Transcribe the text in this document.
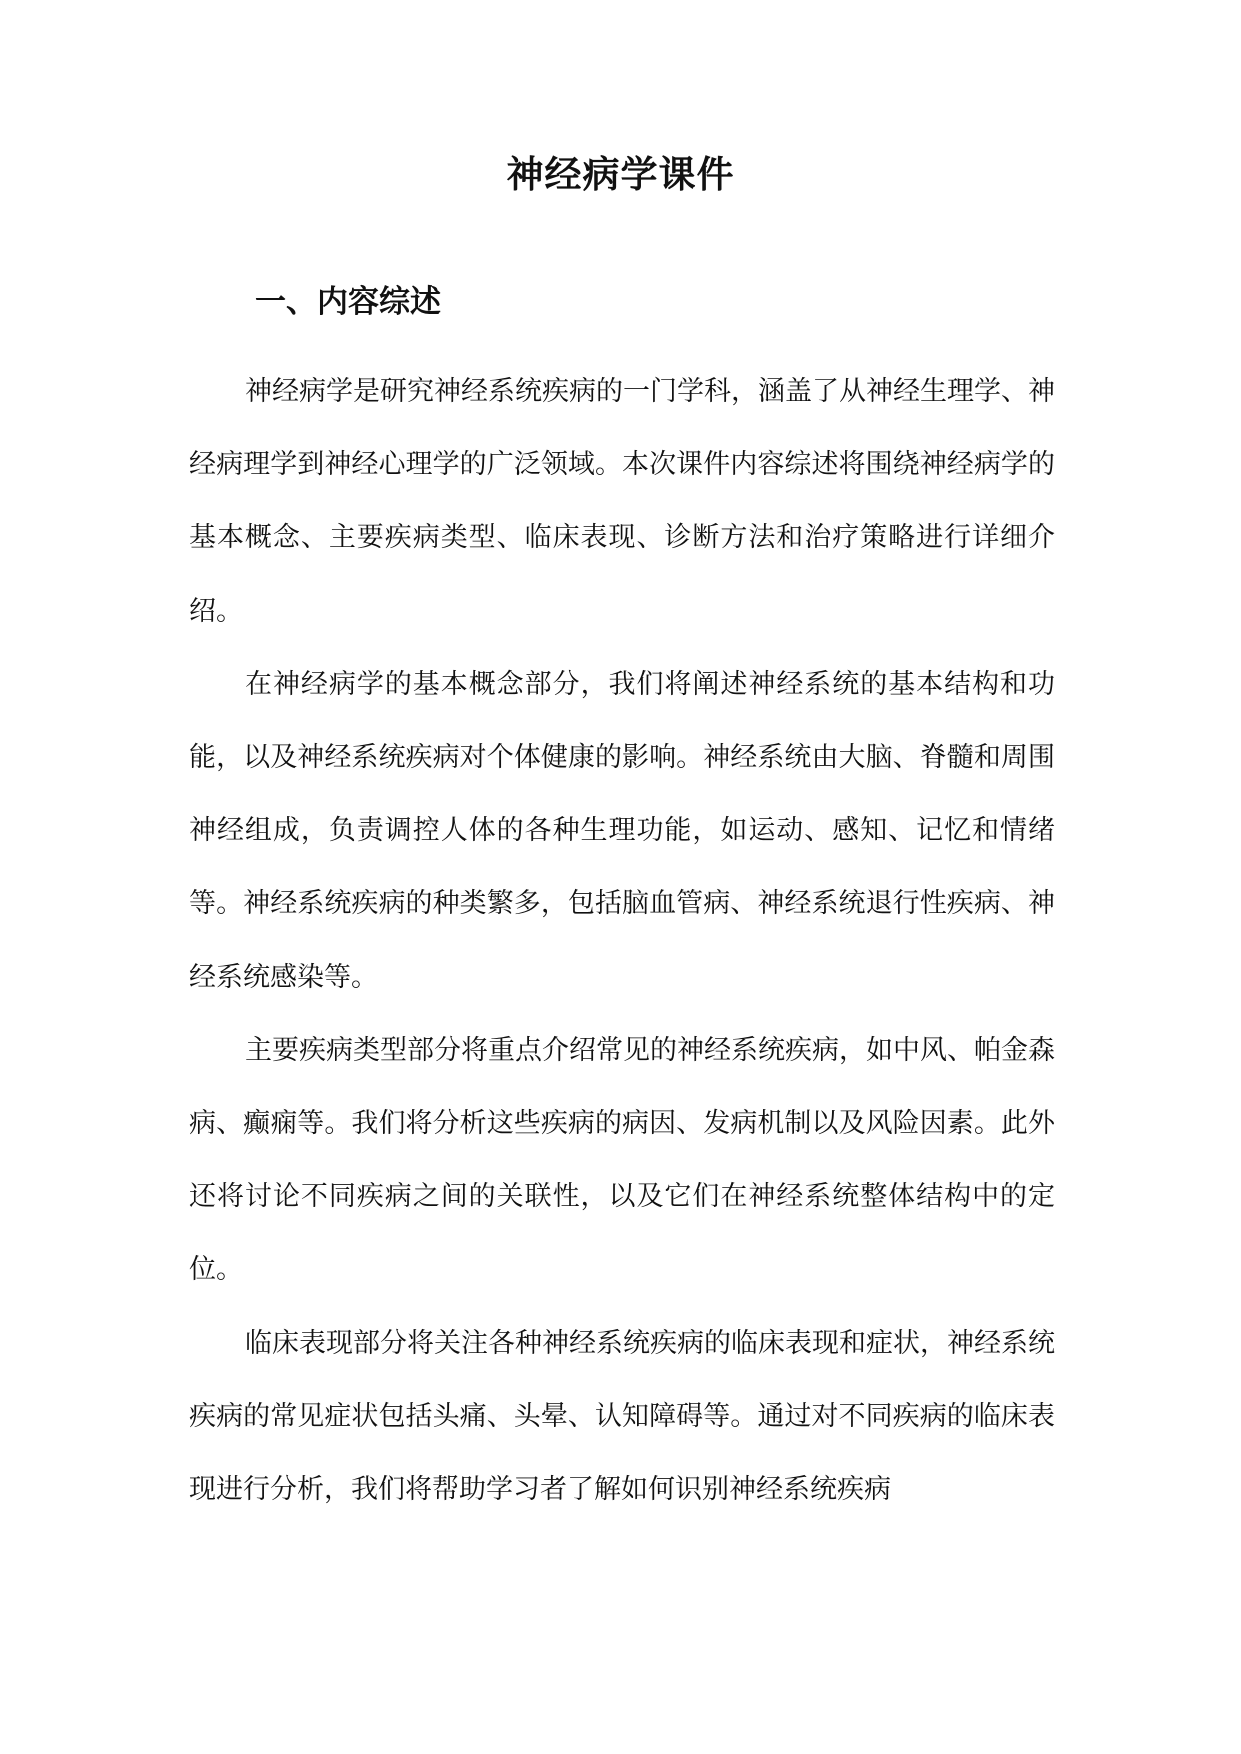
神经病学课件
一、内容综述

神经病学是研究神经系统疾病的一门学科，涵盖了从神经生理学、神经病理学到神经心理学的广泛领域。本次课件内容综述将围绕神经病学的基本概念、主要疾病类型、临床表现、诊断方法和治疗策略进行详细介绍。

在神经病学的基本概念部分，我们将阐述神经系统的基本结构和功能，以及神经系统疾病对个体健康的影响。神经系统由大脑、脊髓和周围神经组成，负责调控人体的各种生理功能，如运动、感知、记忆和情绪等。神经系统疾病的种类繁多，包括脑血管病、神经系统退行性疾病、神经系统感染等。

主要疾病类型部分将重点介绍常见的神经系统疾病，如中风、帕金森病、癫痫等。我们将分析这些疾病的病因、发病机制以及风险因素。此外还将讨论不同疾病之间的关联性，以及它们在神经系统整体结构中的定位。

临床表现部分将关注各种神经系统疾病的临床表现和症状，神经系统疾病的常见症状包括头痛、头晕、认知障碍等。通过对不同疾病的临床表现进行分析，我们将帮助学习者了解如何识别神经系统疾病
